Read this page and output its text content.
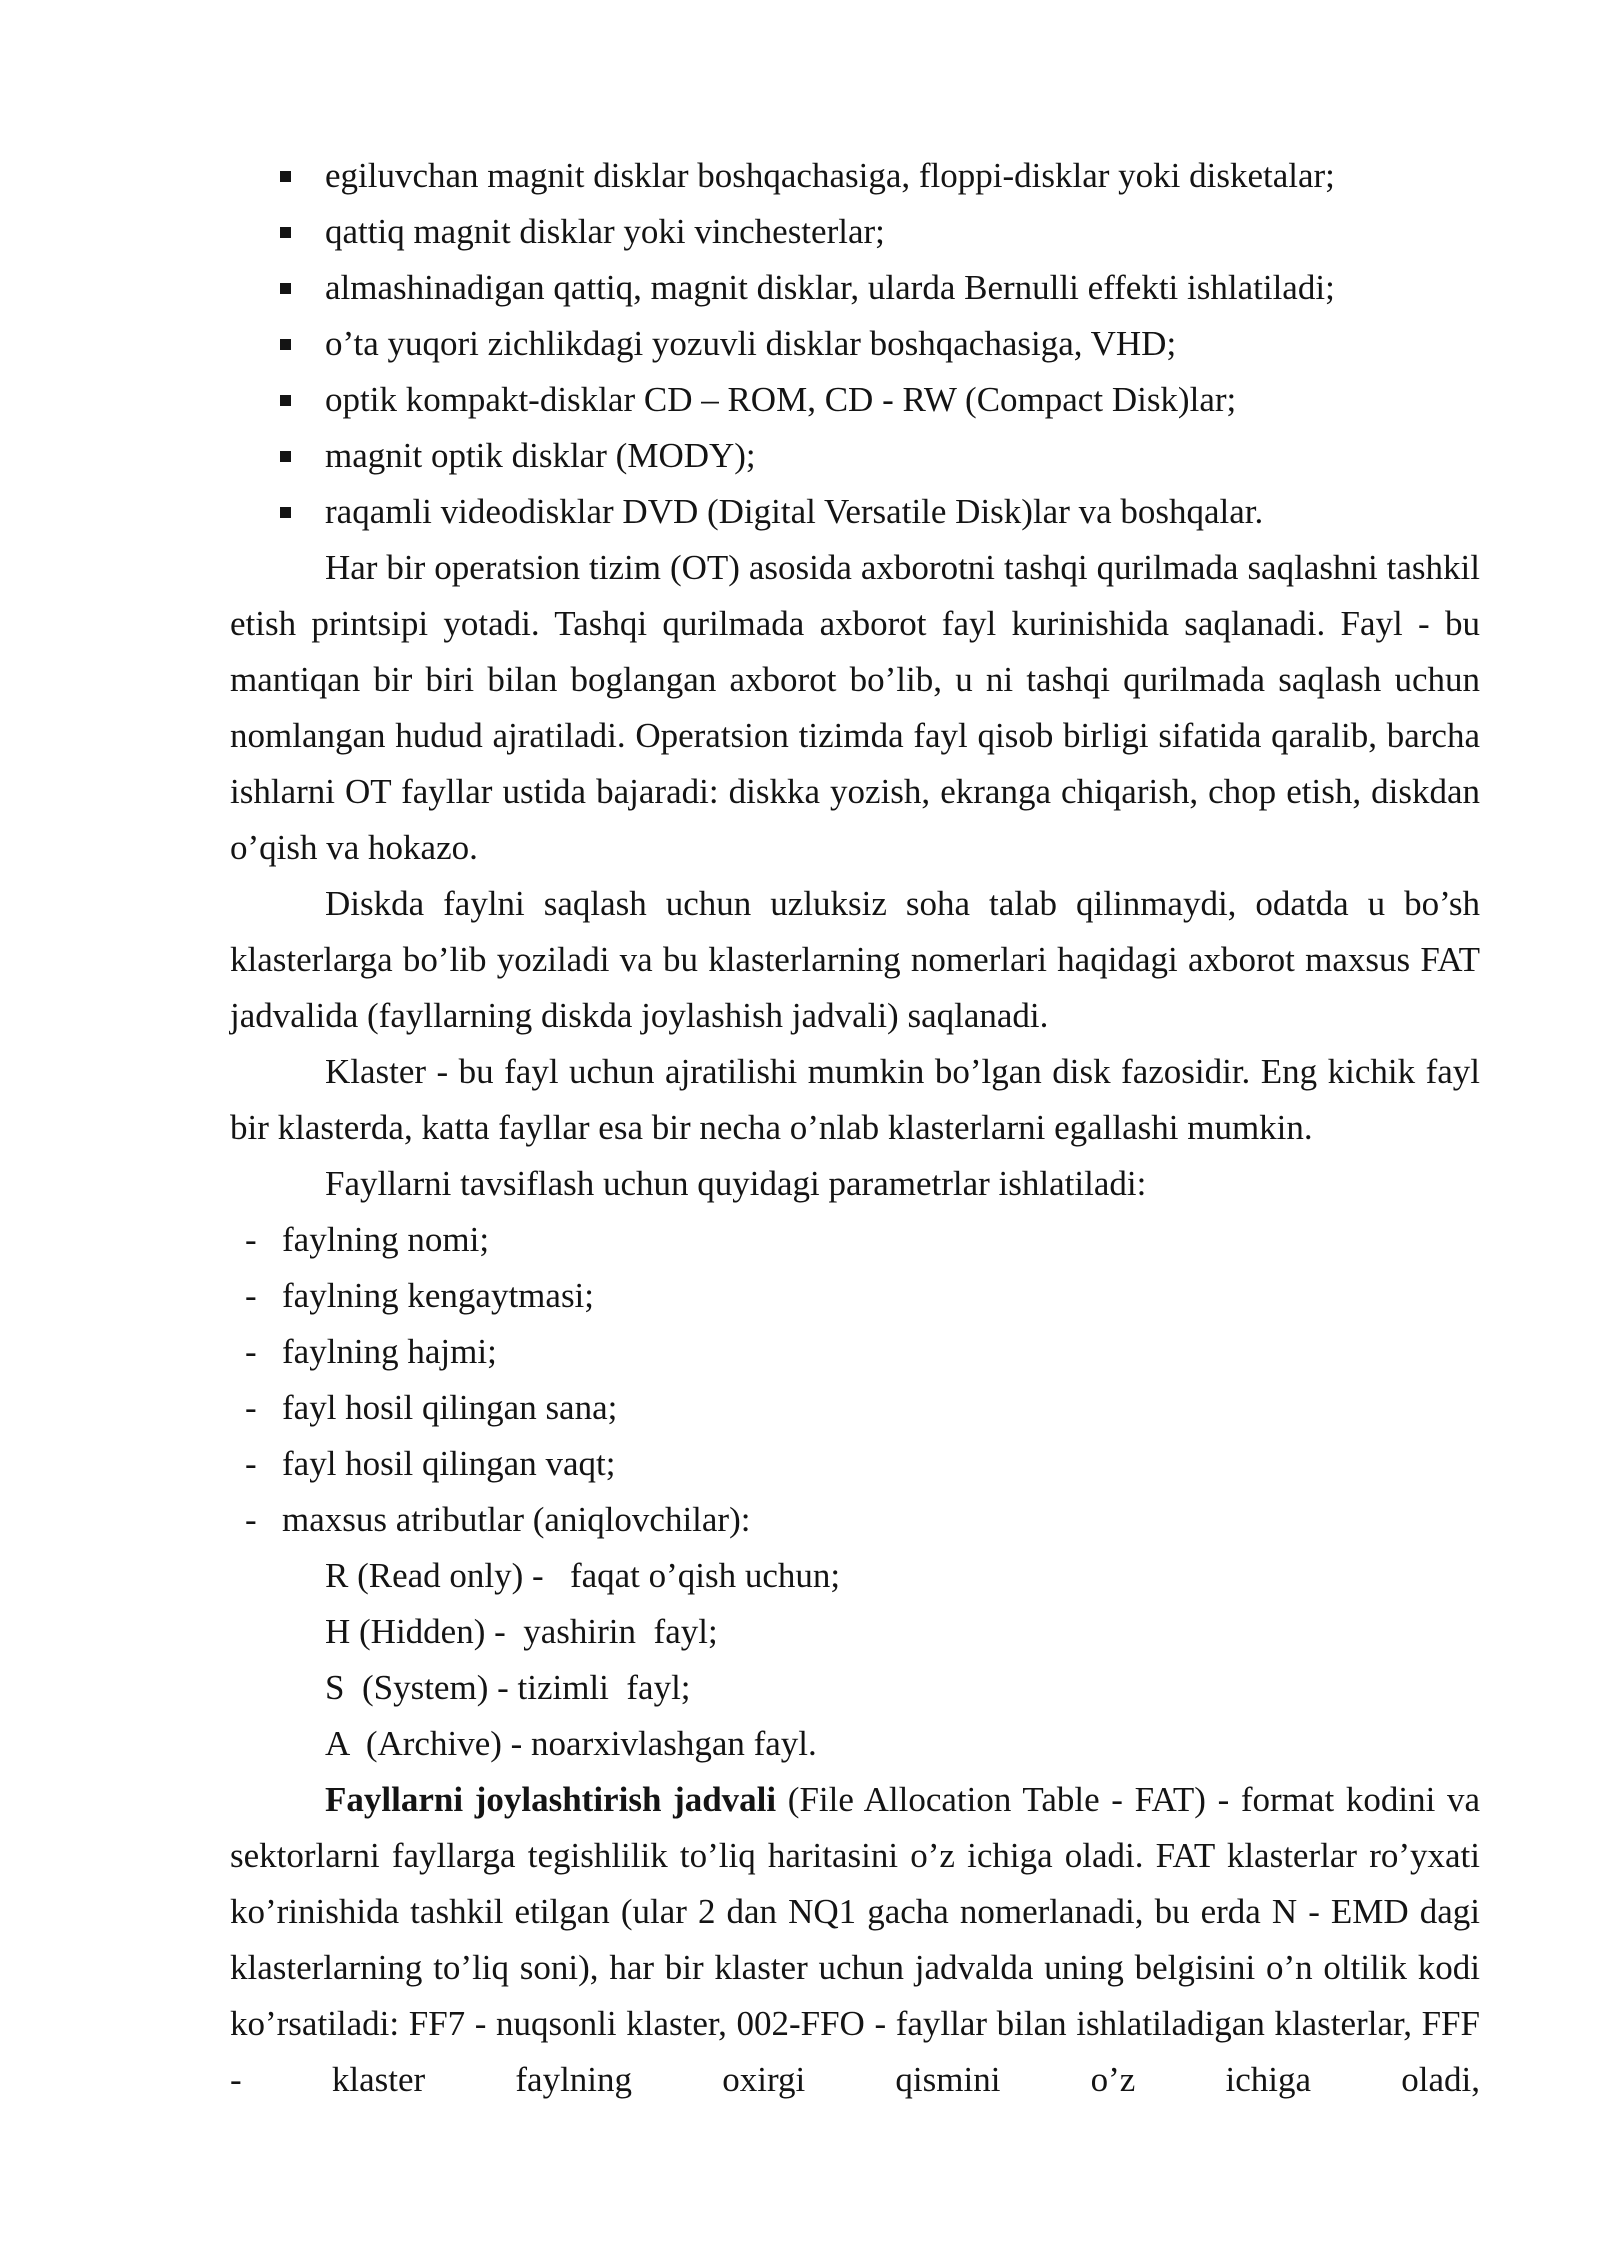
egiluvchan magnit disklar boshqachasiga, floppi-disklar yoki disketalar;
qattiq magnit disklar yoki vinchesterlar;
almashinadigan qattiq, magnit disklar, ularda Bernulli effekti ishlatiladi;
o’ta yuqori zichlikdagi yozuvli disklar boshqachasiga, VHD;
optik kompakt-disklar CD – ROM, CD - RW (Compact Disk)lar;
magnit optik disklar (MODY);
raqamli videodisklar DVD (Digital Versatile Disk)lar va boshqalar.

Har bir operatsion tizim (OT) asosida axborotni tashqi qurilmada saqlashni tashkil etish printsipi yotadi. Tashqi qurilmada axborot fayl kurinishida saqlanadi. Fayl - bu mantiqan bir biri bilan boglangan axborot bo’lib, u ni tashqi qurilmada saqlash uchun nomlangan hudud ajratiladi. Operatsion tizimda fayl qisob birligi sifatida qaralib, barcha ishlarni OT fayllar ustida bajaradi: diskka yozish, ekranga chiqarish, chop etish, diskdan o’qish va hokazo.

Diskda faylni saqlash uchun uzluksiz soha talab qilinmaydi, odatda u bo’sh klasterlarga bo’lib yoziladi va bu klasterlarning nomerlari haqidagi axborot maxsus FAT jadvalida (fayllarning diskda joylashish jadvali) saqlanadi.

Klaster - bu fayl uchun ajratilishi mumkin bo’lgan disk fazosidir. Eng kichik fayl bir klasterda, katta fayllar esa bir necha o’nlab klasterlarni egallashi mumkin.

Fayllarni tavsiflash uchun quyidagi parametrlar ishlatiladi:

- faylning nomi;
- faylning kengaytmasi;
- faylning hajmi;
- fayl hosil qilingan sana;
- fayl hosil qilingan vaqt;
- maxsus atributlar (aniqlovchilar):
R (Read only) -   faqat o’qish uchun;
H (Hidden) -  yashirin  fayl;
S  (System) - tizimli  fayl;
A  (Archive) - noarxivlashgan fayl.

Fayllarni joylashtirish jadvali (File Allocation Table - FAT) - format kodini va sektorlarni fayllarga tegishlilik to’liq haritasini o’z ichiga oladi. FAT klasterlar ro’yxati ko’rinishida tashkil etilgan (ular 2 dan NQ1 gacha nomerlanadi, bu erda N - EMD dagi klasterlarning to’liq soni), har bir klaster uchun jadvalda uning belgisini o’n oltilik kodi ko’rsatiladi: FF7 - nuqsonli klaster, 002-FFO - fayllar bilan ishlatiladigan klasterlar, FFF - klaster faylning oxirgi qismini o’z ichiga oladi,
